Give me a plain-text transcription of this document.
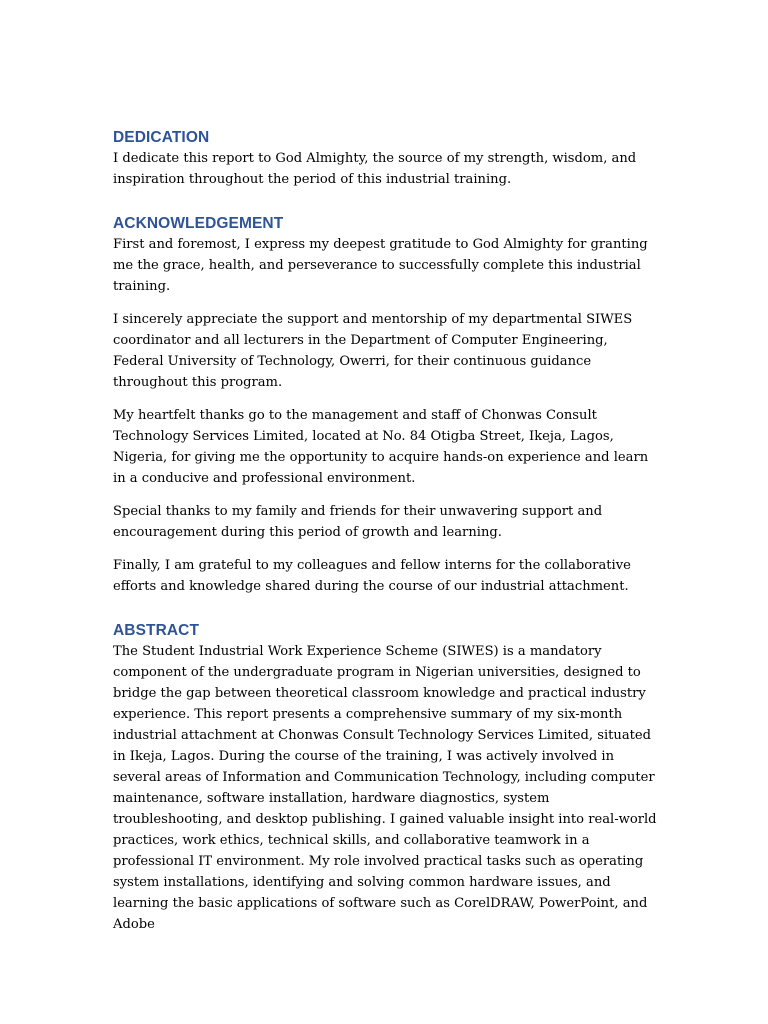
DEDICATION

I dedicate this report to God Almighty, the source of my strength, wisdom, and inspiration throughout the period of this industrial training.

ACKNOWLEDGEMENT

First and foremost, I express my deepest gratitude to God Almighty for granting me the grace, health, and perseverance to successfully complete this industrial training.

I sincerely appreciate the support and mentorship of my departmental SIWES coordinator and all lecturers in the Department of Computer Engineering, Federal University of Technology, Owerri, for their continuous guidance throughout this program.

My heartfelt thanks go to the management and staff of Chonwas Consult Technology Services Limited, located at No. 84 Otigba Street, Ikeja, Lagos, Nigeria, for giving me the opportunity to acquire hands-on experience and learn in a conducive and professional environment.

Special thanks to my family and friends for their unwavering support and encouragement during this period of growth and learning.

Finally, I am grateful to my colleagues and fellow interns for the collaborative efforts and knowledge shared during the course of our industrial attachment.

ABSTRACT

The Student Industrial Work Experience Scheme (SIWES) is a mandatory component of the undergraduate program in Nigerian universities, designed to bridge the gap between theoretical classroom knowledge and practical industry experience. This report presents a comprehensive summary of my six-month industrial attachment at Chonwas Consult Technology Services Limited, situated in Ikeja, Lagos. During the course of the training, I was actively involved in several areas of Information and Communication Technology, including computer maintenance, software installation, hardware diagnostics, system troubleshooting, and desktop publishing. I gained valuable insight into real-world practices, work ethics, technical skills, and collaborative teamwork in a professional IT environment. My role involved practical tasks such as operating system installations, identifying and solving common hardware issues, and learning the basic applications of software such as CorelDRAW, PowerPoint, and Adobe
